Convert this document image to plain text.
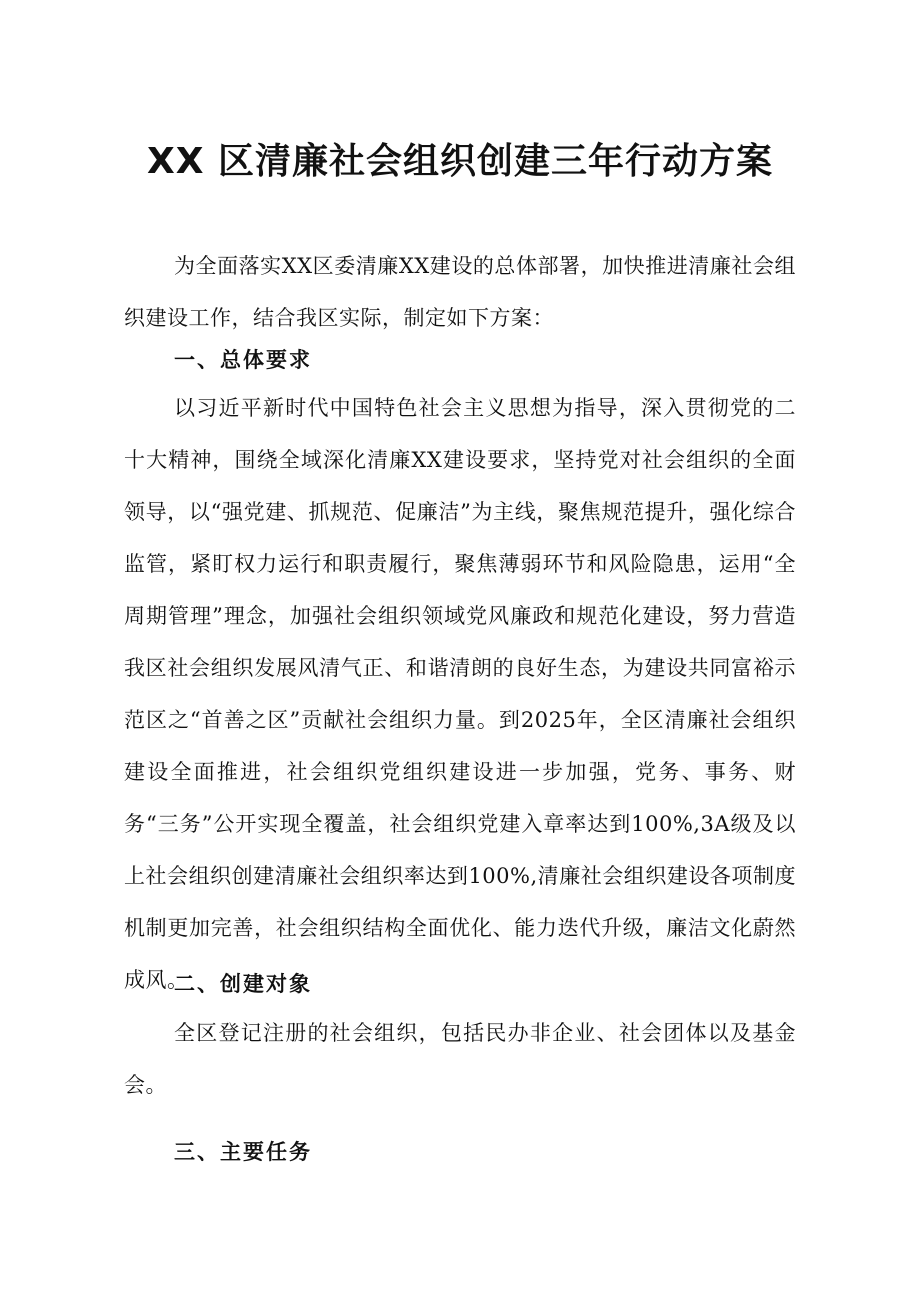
XX 区清廉社会组织创建三年行动方案

为全面落实XX区委清廉XX建设的总体部署，加快推进清廉社会组织建设工作，结合我区实际，制定如下方案：

一、总体要求

以习近平新时代中国特色社会主义思想为指导，深入贯彻党的二十大精神，围绕全域深化清廉XX建设要求，坚持党对社会组织的全面领导，以“强党建、抓规范、促廉洁”为主线，聚焦规范提升，强化综合监管，紧盯权力运行和职责履行，聚焦薄弱环节和风险隐患，运用“全周期管理”理念，加强社会组织领域党风廉政和规范化建设，努力营造我区社会组织发展风清气正、和谐清朗的良好生态，为建设共同富裕示范区之“首善之区”贡献社会组织力量。到2025年，全区清廉社会组织建设全面推进，社会组织党组织建设进一步加强，党务、事务、财务“三务”公开实现全覆盖，社会组织党建入章率达到100%,3A级及以上社会组织创建清廉社会组织率达到100%,清廉社会组织建设各项制度机制更加完善，社会组织结构全面优化、能力迭代升级，廉洁文化蔚然成风。

二、创建对象

全区登记注册的社会组织，包括民办非企业、社会团体以及基金会。

三、主要任务
